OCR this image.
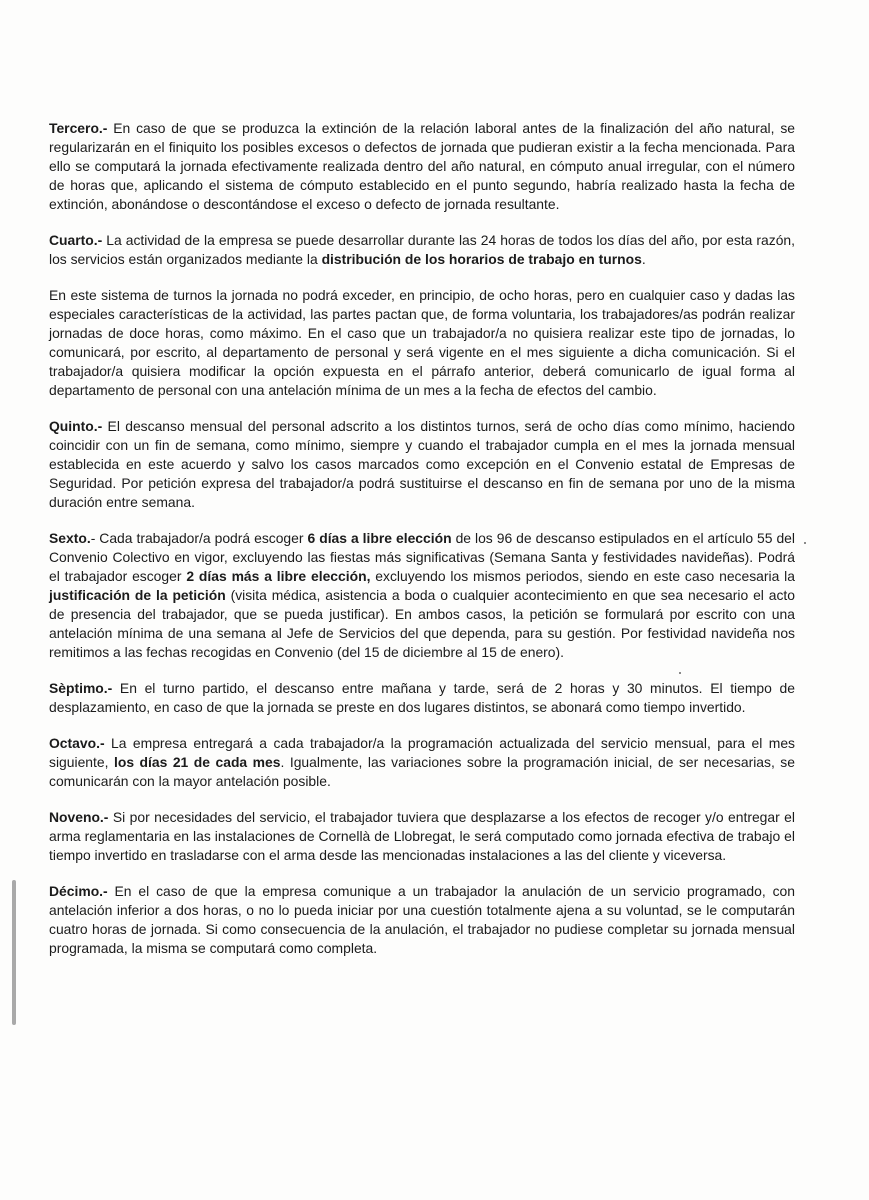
Tercero.- En caso de que se produzca la extinción de la relación laboral antes de la finalización del año natural, se regularizarán en el finiquito los posibles excesos o defectos de jornada que pudieran existir a la fecha mencionada. Para ello se computará la jornada efectivamente realizada dentro del año natural, en cómputo anual irregular, con el número de horas que, aplicando el sistema de cómputo establecido en el punto segundo, habría realizado hasta la fecha de extinción, abonándose o descontándose el exceso o defecto de jornada resultante.

Cuarto.- La actividad de la empresa se puede desarrollar durante las 24 horas de todos los días del año, por esta razón, los servicios están organizados mediante la distribución de los horarios de trabajo en turnos.

En este sistema de turnos la jornada no podrá exceder, en principio, de ocho horas, pero en cualquier caso y dadas las especiales características de la actividad, las partes pactan que, de forma voluntaria, los trabajadores/as podrán realizar jornadas de doce horas, como máximo. En el caso que un trabajador/a no quisiera realizar este tipo de jornadas, lo comunicará, por escrito, al departamento de personal y será vigente en el mes siguiente a dicha comunicación. Si el trabajador/a quisiera modificar la opción expuesta en el párrafo anterior, deberá comunicarlo de igual forma al departamento de personal con una antelación mínima de un mes a la fecha de efectos del cambio.

Quinto.- El descanso mensual del personal adscrito a los distintos turnos, será de ocho días como mínimo, haciendo coincidir con un fin de semana, como mínimo, siempre y cuando el trabajador cumpla en el mes la jornada mensual establecida en este acuerdo y salvo los casos marcados como excepción en el Convenio estatal de Empresas de Seguridad. Por petición expresa del trabajador/a podrá sustituirse el descanso en fin de semana por uno de la misma duración entre semana.

Sexto.- Cada trabajador/a podrá escoger 6 días a libre elección de los 96 de descanso estipulados en el artículo 55 del Convenio Colectivo en vigor, excluyendo las fiestas más significativas (Semana Santa y festividades navideñas). Podrá el trabajador escoger 2 días más a libre elección, excluyendo los mismos periodos, siendo en este caso necesaria la justificación de la petición (visita médica, asistencia a boda o cualquier acontecimiento en que sea necesario el acto de presencia del trabajador, que se pueda justificar). En ambos casos, la petición se formulará por escrito con una antelación mínima de una semana al Jefe de Servicios del que dependa, para su gestión. Por festividad navideña nos remitimos a las fechas recogidas en Convenio (del 15 de diciembre al 15 de enero).

Sèptimo.- En el turno partido, el descanso entre mañana y tarde, será de 2 horas y 30 minutos. El tiempo de desplazamiento, en caso de que la jornada se preste en dos lugares distintos, se abonará como tiempo invertido.

Octavo.- La empresa entregará a cada trabajador/a la programación actualizada del servicio mensual, para el mes siguiente, los días 21 de cada mes. Igualmente, las variaciones sobre la programación inicial, de ser necesarias, se comunicarán con la mayor antelación posible.

Noveno.- Si por necesidades del servicio, el trabajador tuviera que desplazarse a los efectos de recoger y/o entregar el arma reglamentaria en las instalaciones de Cornellà de Llobregat, le será computado como jornada efectiva de trabajo el tiempo invertido en trasladarse con el arma desde las mencionadas instalaciones a las del cliente y viceversa.

Décimo.- En el caso de que la empresa comunique a un trabajador la anulación de un servicio programado, con antelación inferior a dos horas, o no lo pueda iniciar por una cuestión totalmente ajena a su voluntad, se le computarán cuatro horas de jornada. Si como consecuencia de la anulación, el trabajador no pudiese completar su jornada mensual programada, la misma se computará como completa.
